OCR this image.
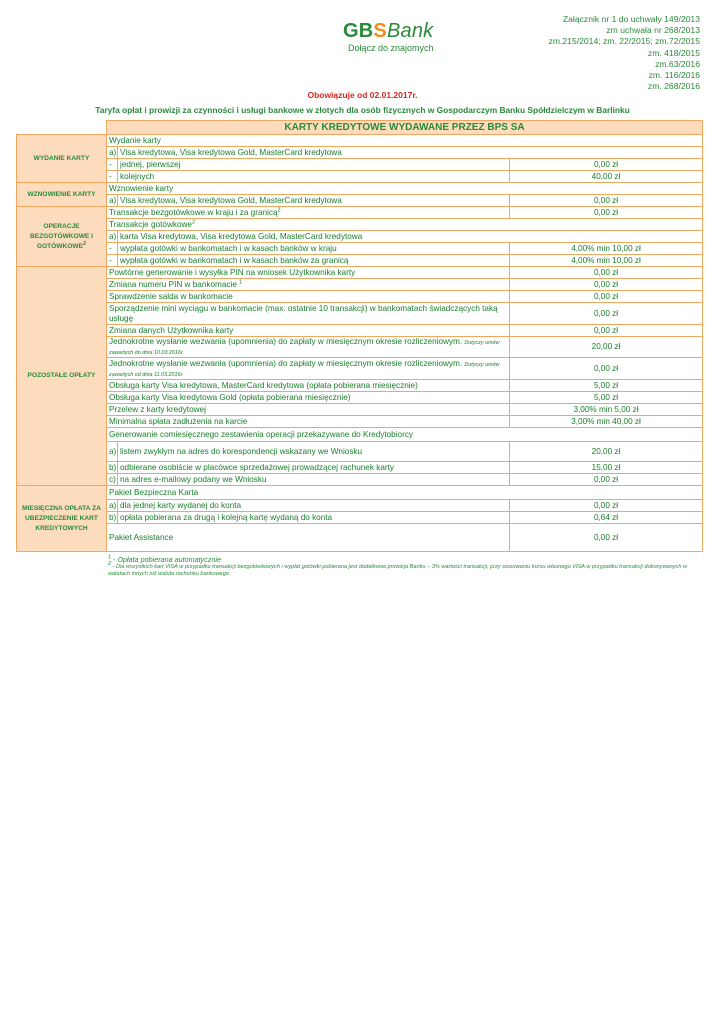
GBSBank
Dołącz do znajomych
Załącznik nr 1 do uchwały 149/2013
zm uchwała nr 268/2013
zm.215/2014; zm. 22/2015; zm.72/2015
zm. 418/2015
zm.63/2016
zm. 116/2016
zm. 268/2016
Obowiązuje od 02.01.2017r.
Taryfa opłat i prowizji za czynności i usługi bankowe w złotych dla osób fizycznych w Gospodarczym Banku Spółdzielczym w Barlinku
	KARTY KREDYTOWE WYDAWANE PRZEZ BPS SA		
WYDANIE KARTY	Wydanie karty		
	a)	Visa kredytowa, Visa kredytowa Gold, MasterCard kredytowa	
	-	jednej, pierwszej	0,00 zł
	-	kolejnych	40,00 zł
WZNOWIENIE KARTY	Wznowienie karty		
	a)	Visa kredytowa, Visa kredytowa Gold, MasterCard kredytowa	0,00 zł
OPERACJE BEZGOTÓWKOWE I GOTÓWKOWE$^2$	Transakcje bezgotówkowe w kraju i za granicą$^2$		0,00 zł
	Transakcje gotówkowe$^2$
	a)	karta Visa kredytowa, Visa kredytowa Gold, MasterCard kredytowa	
	-	wypłata gotówki w bankomatach i w kasach banków w kraju	4,00% min 10,00 zł
	-	wypłata gotówki w bankomatach i w kasach banków za granicą	4,00% min 10,00 zł
POZOSTAŁE OPŁATY	Powtórne generowanie i wysyłka PIN na wniosek Użytkownika karty		0,00 zł
	Zmiana numeru PIN w bankomacie $^1$		0,00 zł
	Sprawdzenie salda w bankomacie		0,00 zł
	Sporządzenie mini wyciągu w bankomacie (max. ostatnie 10 transakcji) w bankomatach świadczących taką usługę		0,00 zł
	Zmiana danych Użytkownika karty		0,00 zł
	Jednokrotne wysłanie wezwania (upomnienia) do zapłaty w miesięcznym okresie rozliczeniowym. Dotyczy umów
zawartych do dnia 10.03.2016r.		20,00 zł
	Jednokrotne wysłanie wezwania (upomnienia) do zapłaty w miesięcznym okresie rozliczeniowym. Dotyczy umów
zawartych od dnia 11.03.2016r.		0,00 zł
	Obsługa karty Visa kredytowa, MasterCard kredytowa (opłata pobierana miesięcznie)		5,00 zł
	Obsługa karty Visa kredytowa Gold (opłata pobierana miesięcznie)		5,00 zł
	Przelew z karty kredytowej		3,00% min 5,00 zł
	Minimalna spłata zadłużenia na karcie		3,00% min 40,00 zł
	Generowanie comiesięcznego zestawienia operacji przekazywane do Kredytobiorcy		
	a)	listem zwykłym na adres do korespondencji wskazany we Wniosku	20,00 zł
	b)	odbierane osobiście w placówce sprzedażowej prowadzącej rachunek karty	15,00 zł
	c)	na adres e-mailowy podany we Wniosku	0,00 zł
MIESIĘCZNA OPŁATA ZA UBEZPIECZENIE KART KREDYTOWYCH	Pakiet Bezpieczna Karta		
	a)	dla jednej karty wydanej do konta	0,00 zł
	b)	opłata pobierana za drugą i kolejną kartę wydaną do konta	0,64 zł
	Pakiet Assistance		0,00 zł
$^1$ - Opłata pobierana automatycznie
$^2$ - Dla wszystkich kart VISA w przypadku transakcji bezgotówkowych i wypłat gotówki pobierana jest dodatkowa prowizja Banku – 3% wartości transakcji, przy stosowaniu kursu własnego VISA w przypadku transakcji dokonywanych w walutach innych niż waluta rachunku bankowego
